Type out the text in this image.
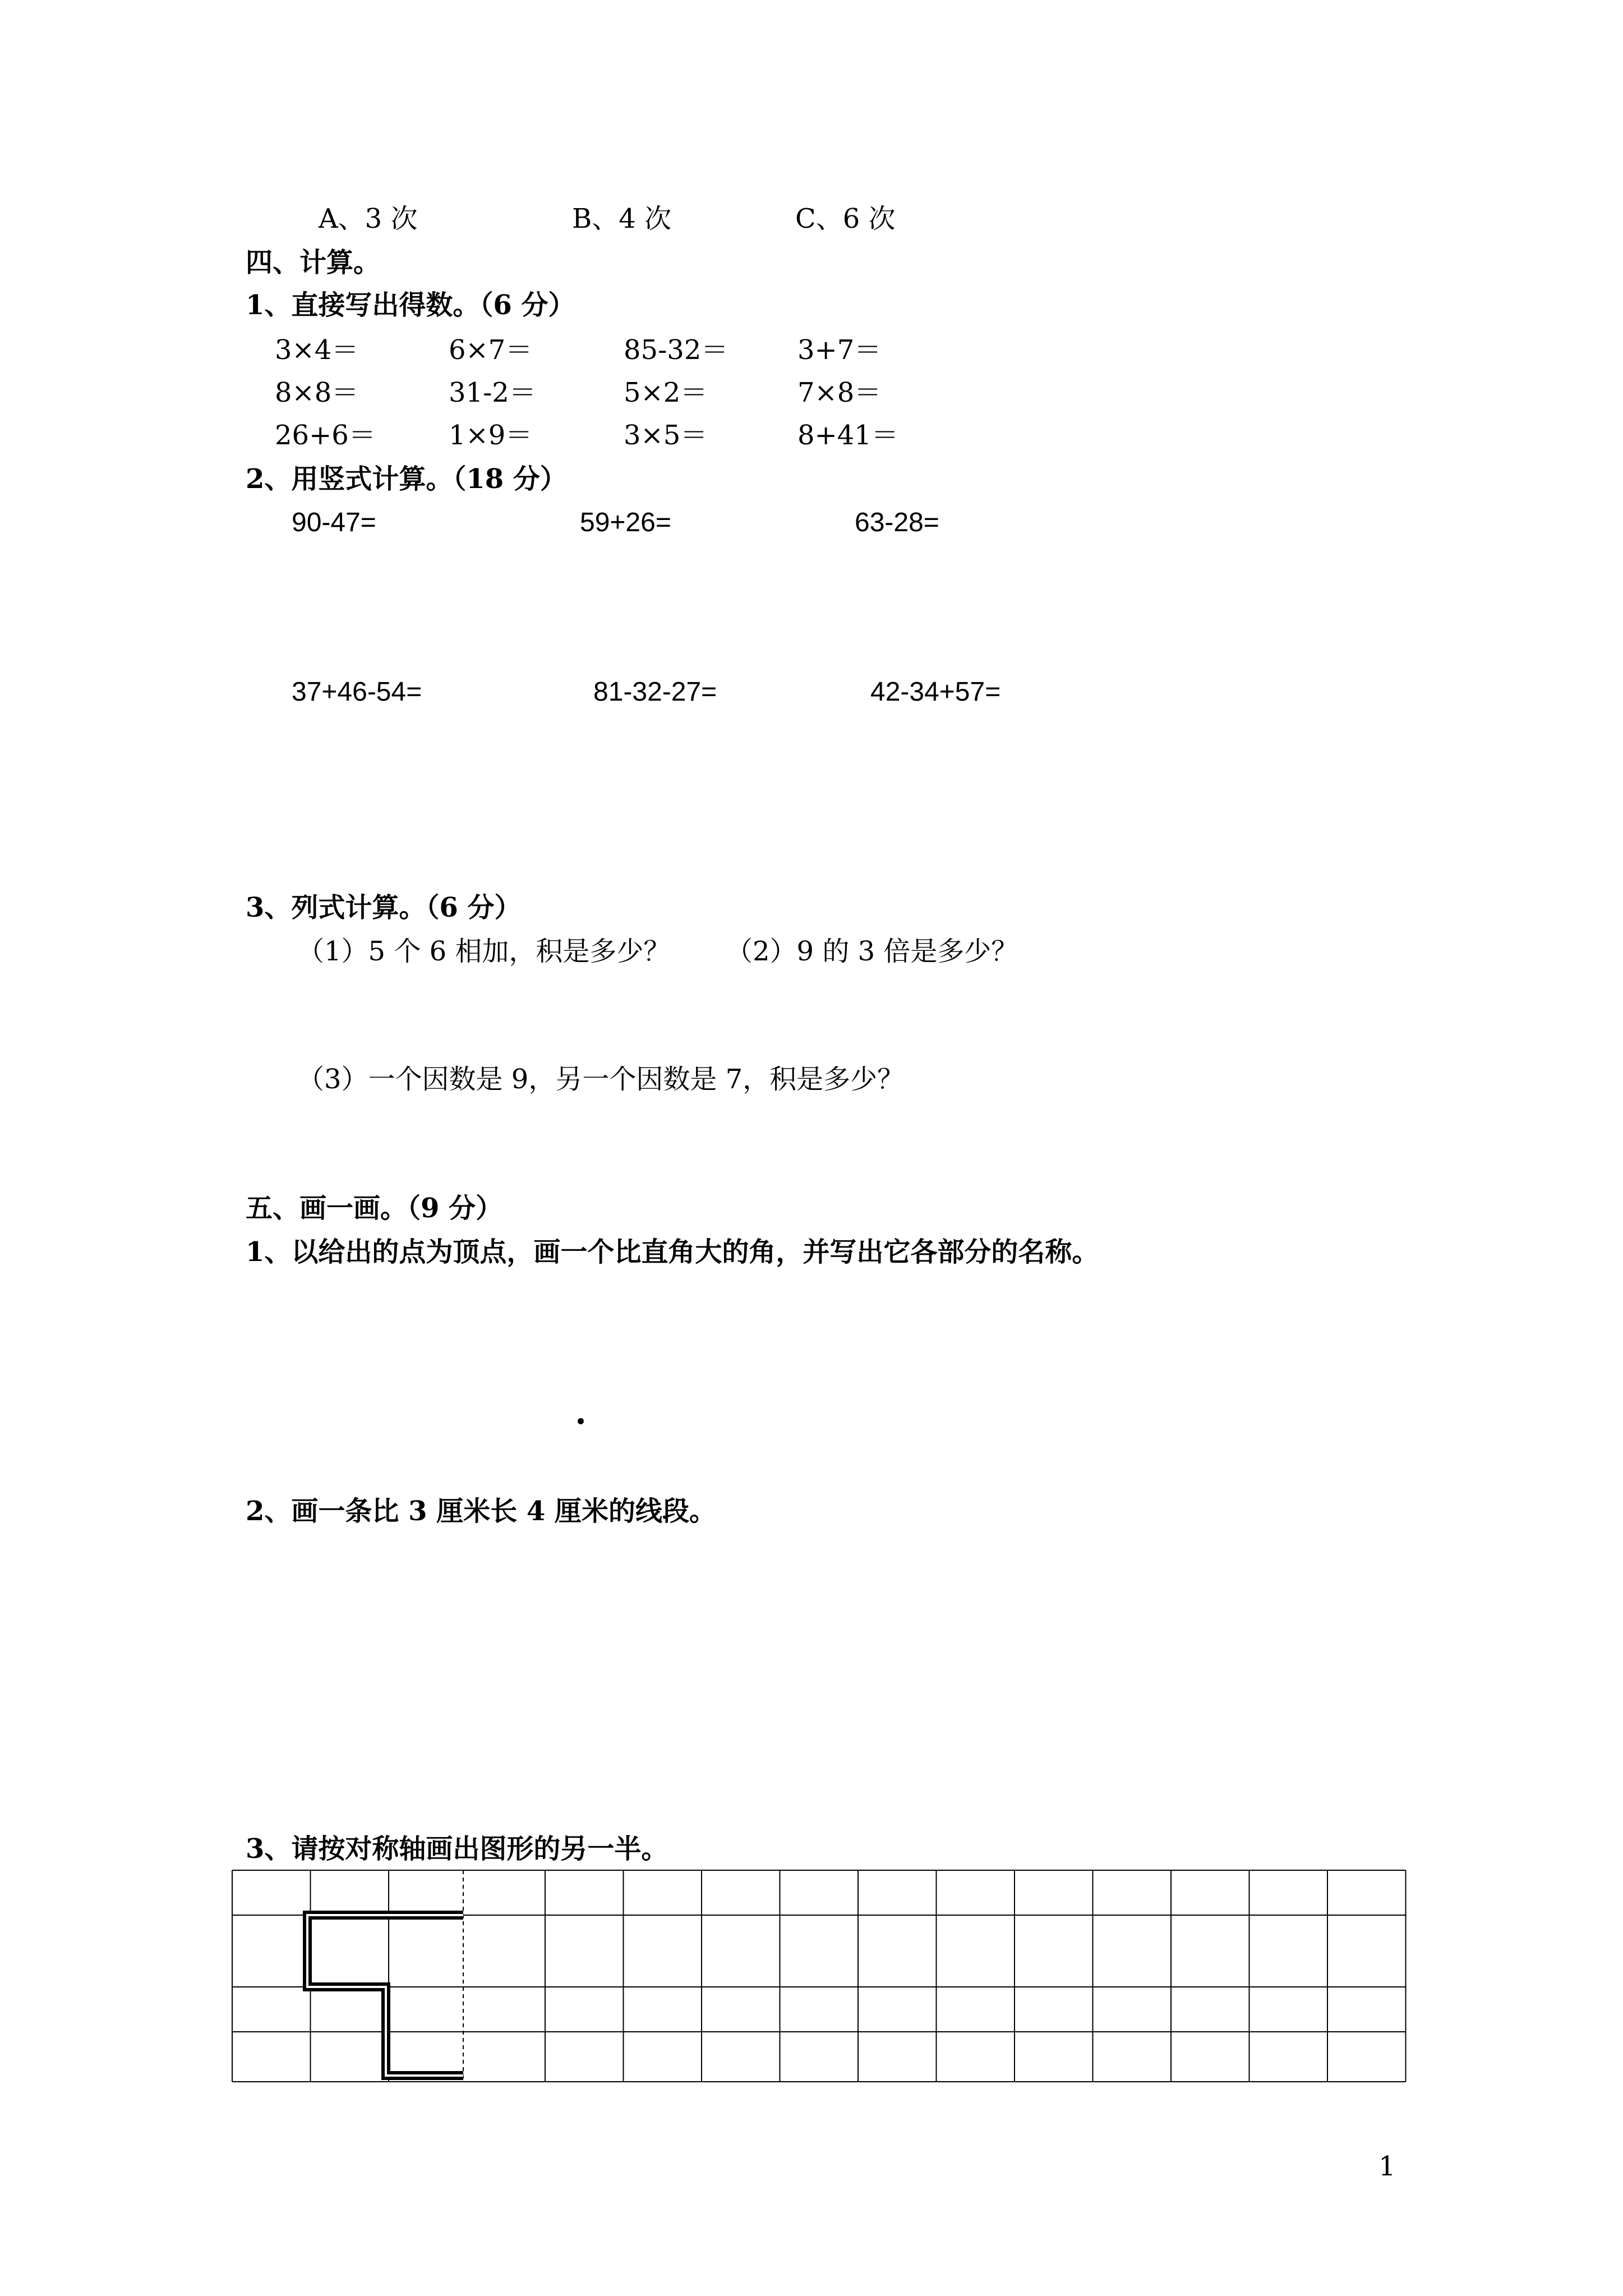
A、3 次	B、4 次	C、6 次
四、计算。
1、直接写出得数。（6 分）
3×4＝	6×7＝	85-32＝	3+7＝
8×8＝	31-2＝	5×2＝	7×8＝
26+6＝	1×9＝	3×5＝	8+41＝
2、用竖式计算。（18 分）
90-47=	59+26=	63-28=
37+46-54=	81-32-27=	42-34+57=
3、列式计算。（6 分）
（1）5 个 6 相加，积是多少？ （2）9 的 3 倍是多少？
（3）一个因数是 9，另一个因数是 7，积是多少？
五、画一画。（9 分）
1、以给出的点为顶点，画一个比直角大的角，并写出它各部分的名称。
2、画一条比 3 厘米长 4 厘米的线段。
3、请按对称轴画出图形的另一半。
1
